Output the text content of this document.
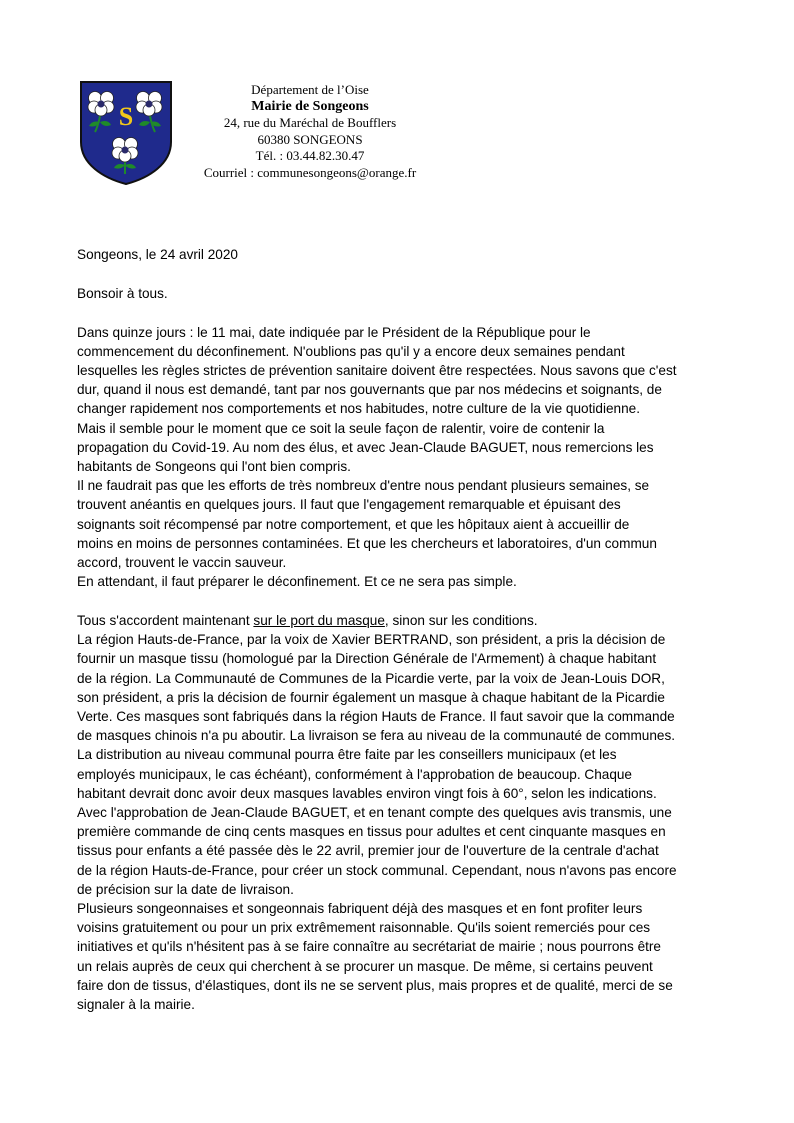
S
Département de l’Oise
Mairie de Songeons
24, rue du Maréchal de Boufflers
60380 SONGEONS
Tél. : 03.44.82.30.47
Courriel : communesongeons@orange.fr

Songeons, le 24 avril 2020

Bonsoir à tous.

Dans quinze jours : le 11 mai, date indiquée par le Président de la République pour le
commencement du déconfinement. N'oublions pas qu'il y a encore deux semaines pendant
lesquelles les règles strictes de prévention sanitaire doivent être respectées. Nous savons que c'est
dur, quand il nous est demandé, tant par nos gouvernants que par nos médecins et soignants, de
changer rapidement nos comportements et nos habitudes, notre culture de la vie quotidienne.
Mais il semble pour le moment que ce soit la seule façon de ralentir, voire de contenir la
propagation du Covid-19. Au nom des élus, et avec Jean-Claude BAGUET, nous remercions les
habitants de Songeons qui l'ont bien compris.
Il ne faudrait pas que les efforts de très nombreux d'entre nous pendant plusieurs semaines, se
trouvent anéantis en quelques jours. Il faut que l'engagement remarquable et épuisant des
soignants soit récompensé par notre comportement, et que les hôpitaux aient à accueillir de
moins en moins de personnes contaminées. Et que les chercheurs et laboratoires, d'un commun
accord, trouvent le vaccin sauveur.
En attendant, il faut préparer le déconfinement. Et ce ne sera pas simple.

Tous s'accordent maintenant sur le port du masque, sinon sur les conditions.
La région Hauts-de-France, par la voix de Xavier BERTRAND, son président, a pris la décision de
fournir un masque tissu (homologué par la Direction Générale de l'Armement) à chaque habitant
de la région. La Communauté de Communes de la Picardie verte, par la voix de Jean-Louis DOR,
son président, a pris la décision de fournir également un masque à chaque habitant de la Picardie
Verte. Ces masques sont fabriqués dans la région Hauts de France. Il faut savoir que la commande
de masques chinois n'a pu aboutir. La livraison se fera au niveau de la communauté de communes.
La distribution au niveau communal pourra être faite par les conseillers municipaux (et les
employés municipaux, le cas échéant), conformément à l'approbation de beaucoup. Chaque
habitant devrait donc avoir deux masques lavables environ vingt fois à 60°, selon les indications.
Avec l'approbation de Jean-Claude BAGUET, et en tenant compte des quelques avis transmis, une
première commande de cinq cents masques en tissus pour adultes et cent cinquante masques en
tissus pour enfants a été passée dès le 22 avril, premier jour de l'ouverture de la centrale d'achat
de la région Hauts-de-France, pour créer un stock communal. Cependant, nous n'avons pas encore
de précision sur la date de livraison.
Plusieurs songeonnaises et songeonnais fabriquent déjà des masques et en font profiter leurs
voisins gratuitement ou pour un prix extrêmement raisonnable. Qu'ils soient remerciés pour ces
initiatives et qu'ils n'hésitent pas à se faire connaître au secrétariat de mairie ; nous pourrons être
un relais auprès de ceux qui cherchent à se procurer un masque. De même, si certains peuvent
faire don de tissus, d'élastiques, dont ils ne se servent plus, mais propres et de qualité, merci de se
signaler à la mairie.
